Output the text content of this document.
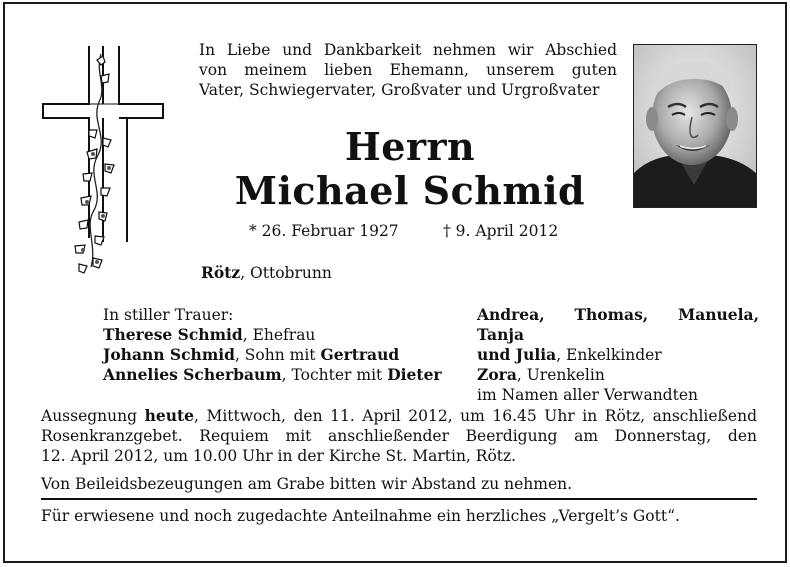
In Liebe und Dankbarkeit nehmen wir Abschied
von meinem lieben Ehemann, unserem guten
Vater, Schwiegervater, Großvater und Urgroßvater
Herrn
Michael Schmid
* 26. Februar 1927	† 9. April 2012
Rötz, Ottobrunn
In stiller Trauer:
Therese Schmid, Ehefrau
Johann Schmid, Sohn mit Gertraud
Annelies Scherbaum, Tochter mit Dieter
Andrea, Thomas, Manuela, Tanja
und Julia, Enkelkinder
Zora, Urenkelin
im Namen aller Verwandten
Aussegnung heute, Mittwoch, den 11. April 2012, um 16.45 Uhr in Rötz, anschließend
Rosenkranzgebet. Requiem mit anschließender Beerdigung am Donnerstag, den
12. April 2012, um 10.00 Uhr in der Kirche St. Martin, Rötz.
Von Beileidsbezeugungen am Grabe bitten wir Abstand zu nehmen.
Für erwiesene und noch zugedachte Anteilnahme ein herzliches „Vergelt’s Gott“.
